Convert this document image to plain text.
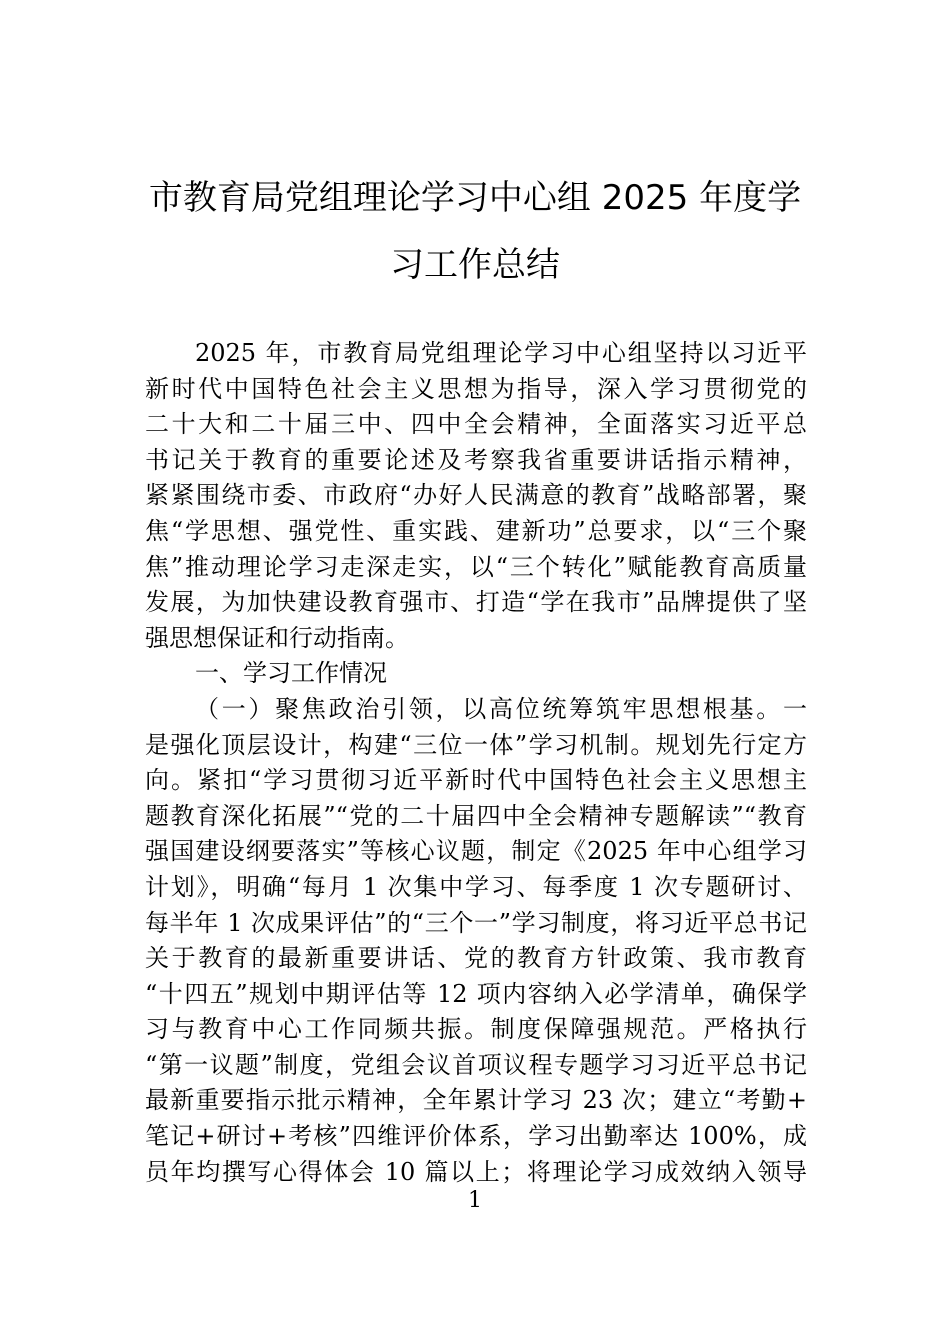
市教育局党组理论学习中心组 2025 年度学
习工作总结
2025 年，市教育局党组理论学习中心组坚持以习近平
新时代中国特色社会主义思想为指导，深入学习贯彻党的
二十大和二十届三中、四中全会精神，全面落实习近平总
书记关于教育的重要论述及考察我省重要讲话指示精神，
紧紧围绕市委、市政府“办好人民满意的教育”战略部署，聚
焦“学思想、强党性、重实践、建新功”总要求，以“三个聚
焦”推动理论学习走深走实，以“三个转化”赋能教育高质量
发展，为加快建设教育强市、打造“学在我市”品牌提供了坚
强思想保证和行动指南。
一、学习工作情况
（一）聚焦政治引领，以高位统筹筑牢思想根基。一
是强化顶层设计，构建“三位一体”学习机制。规划先行定方
向。紧扣“学习贯彻习近平新时代中国特色社会主义思想主
题教育深化拓展”“党的二十届四中全会精神专题解读”“教育
强国建设纲要落实”等核心议题，制定《2025 年中心组学习
计划》，明确“每月 1 次集中学习、每季度 1 次专题研讨、
每半年 1 次成果评估”的“三个一”学习制度，将习近平总书记
关于教育的最新重要讲话、党的教育方针政策、我市教育
“十四五”规划中期评估等 12 项内容纳入必学清单，确保学
习与教育中心工作同频共振。制度保障强规范。严格执行
“第一议题”制度，党组会议首项议程专题学习习近平总书记
最新重要指示批示精神，全年累计学习 23 次；建立“考勤+
笔记+研讨+考核”四维评价体系，学习出勤率达 100%，成
员年均撰写心得体会 10 篇以上；将理论学习成效纳入领导
1
